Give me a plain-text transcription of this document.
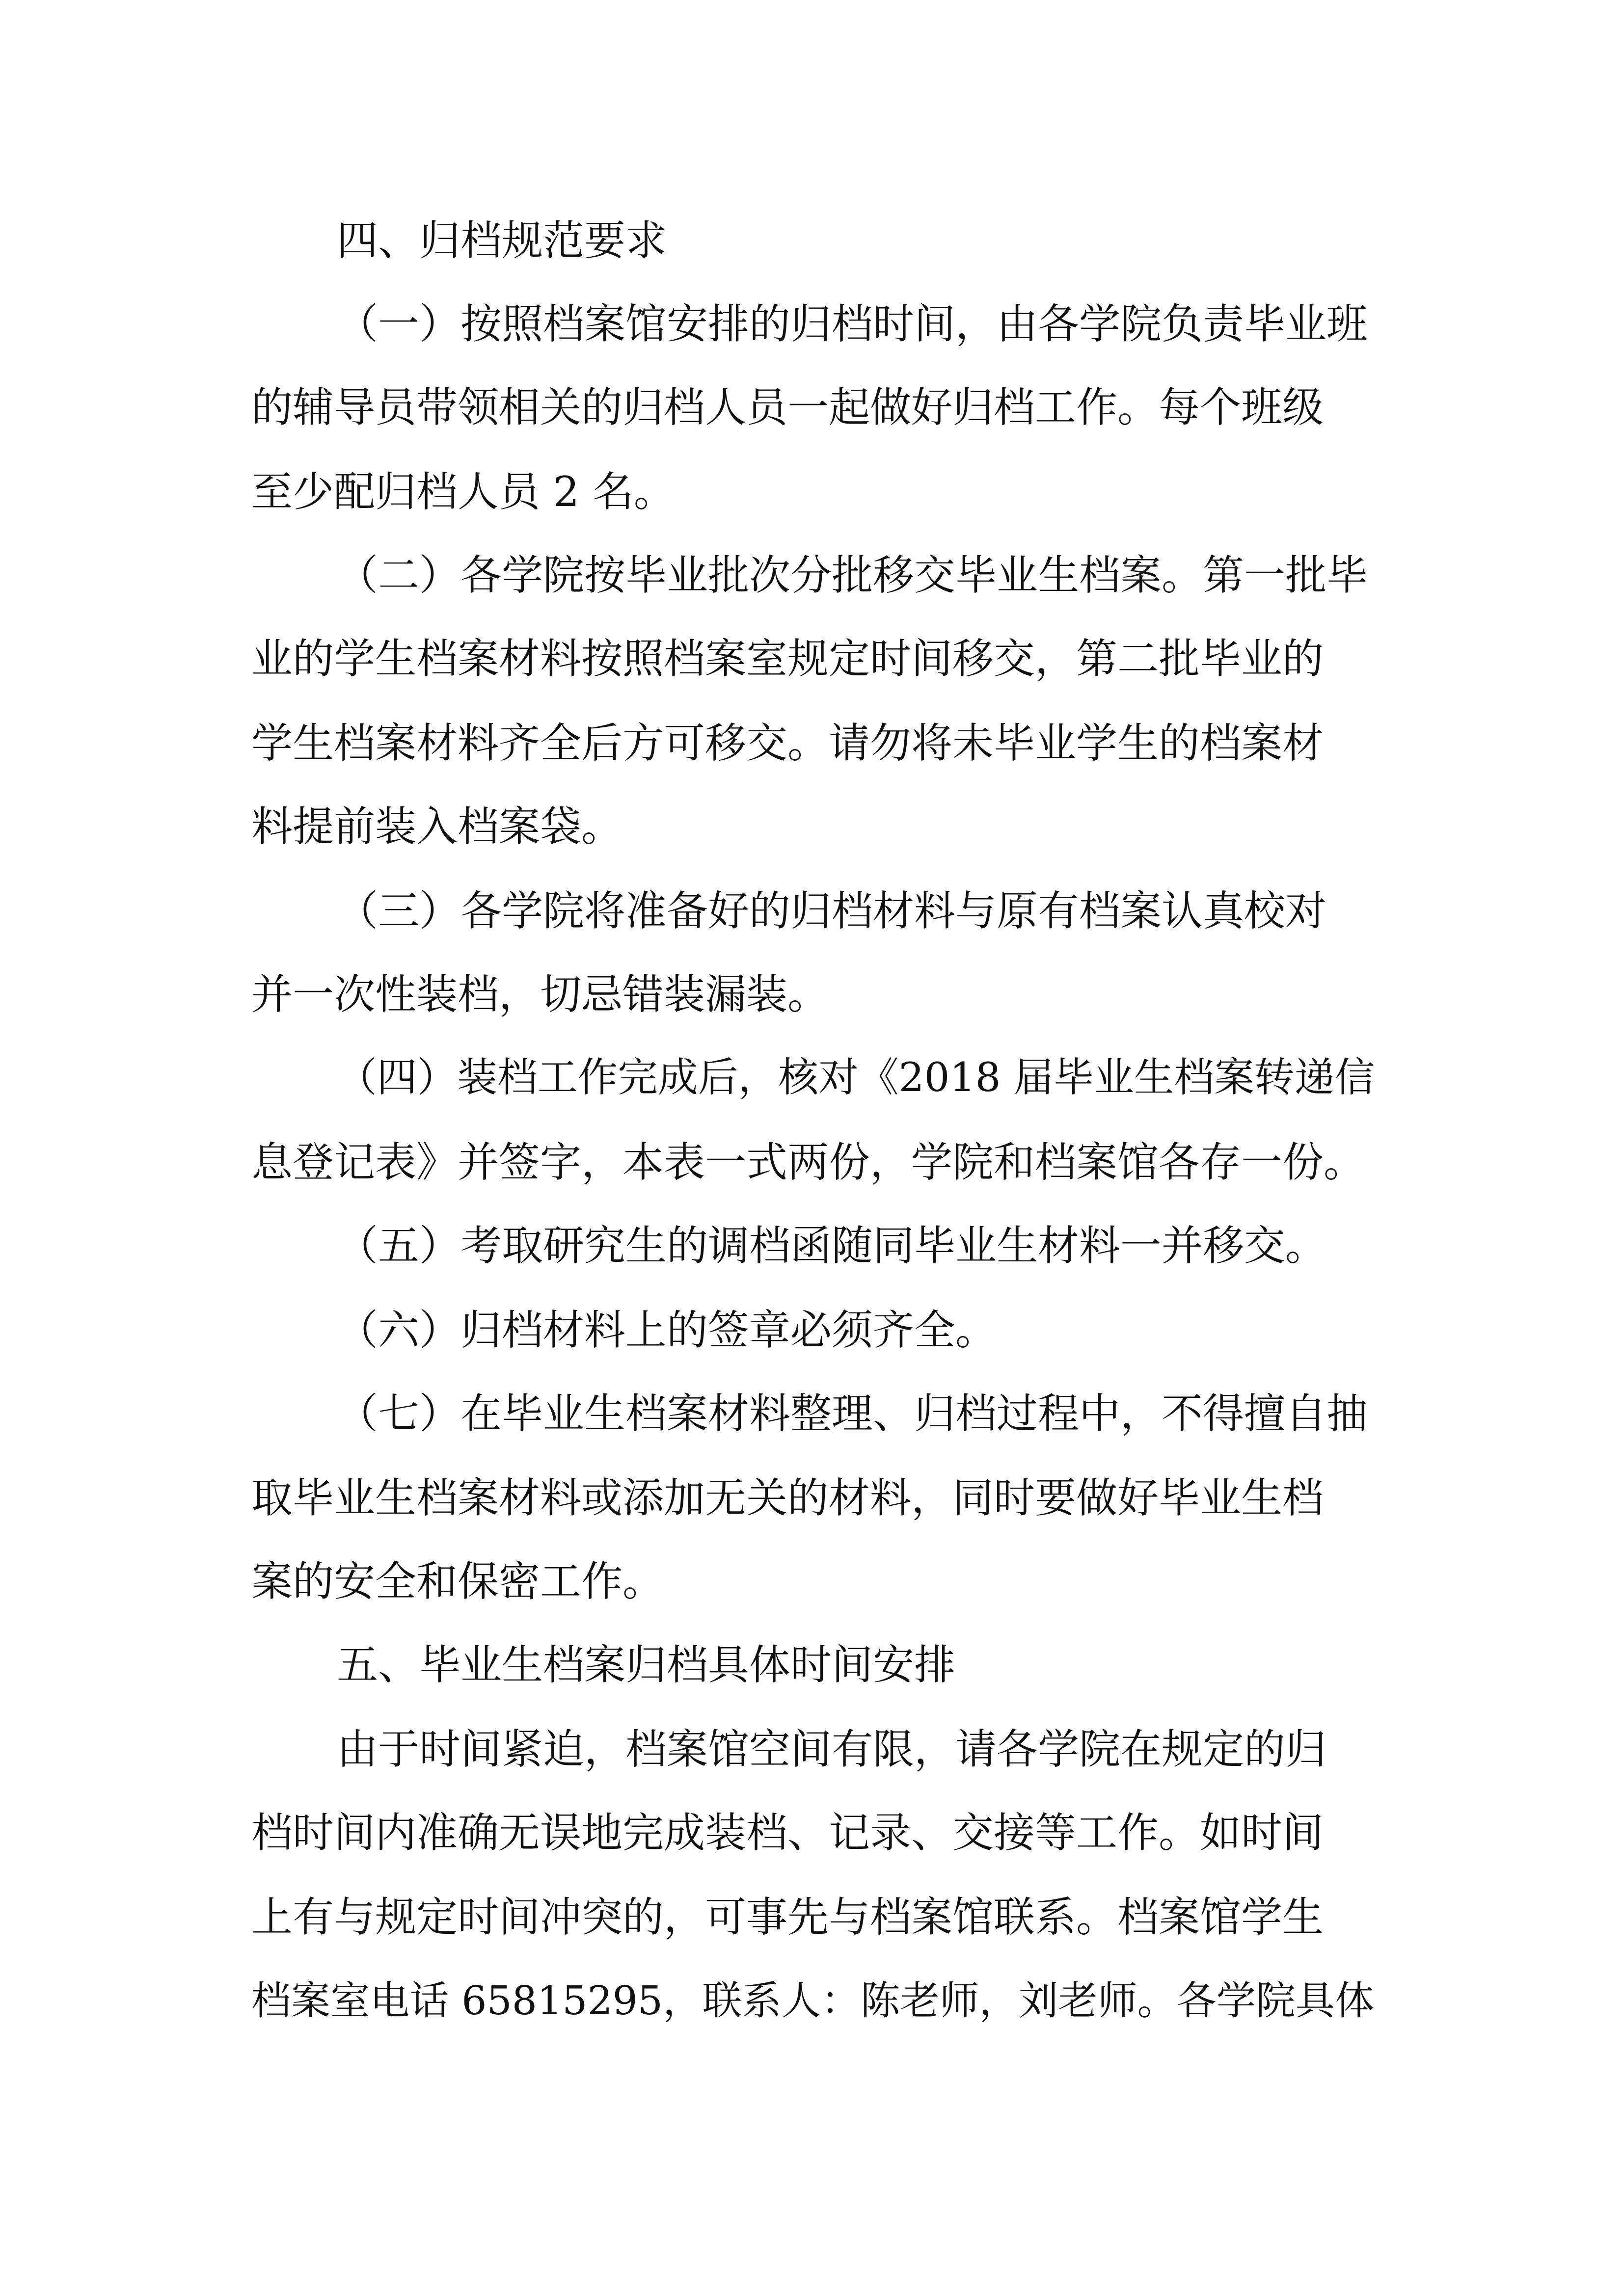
四、归档规范要求
（一）按照档案馆安排的归档时间，由各学院负责毕业班
的辅导员带领相关的归档人员一起做好归档工作。每个班级
至少配归档人员 2 名。
（二）各学院按毕业批次分批移交毕业生档案。第一批毕
业的学生档案材料按照档案室规定时间移交，第二批毕业的
学生档案材料齐全后方可移交。请勿将未毕业学生的档案材
料提前装入档案袋。
（三）各学院将准备好的归档材料与原有档案认真校对
并一次性装档，切忌错装漏装。
（四）装档工作完成后，核对《2018 届毕业生档案转递信
息登记表》并签字，本表一式两份，学院和档案馆各存一份。
（五）考取研究生的调档函随同毕业生材料一并移交。
（六）归档材料上的签章必须齐全。
（七）在毕业生档案材料整理、归档过程中，不得擅自抽
取毕业生档案材料或添加无关的材料，同时要做好毕业生档
案的安全和保密工作。
五、毕业生档案归档具体时间安排
由于时间紧迫，档案馆空间有限，请各学院在规定的归
档时间内准确无误地完成装档、记录、交接等工作。如时间
上有与规定时间冲突的，可事先与档案馆联系。档案馆学生
档案室电话 65815295，联系人：陈老师，刘老师。各学院具体
